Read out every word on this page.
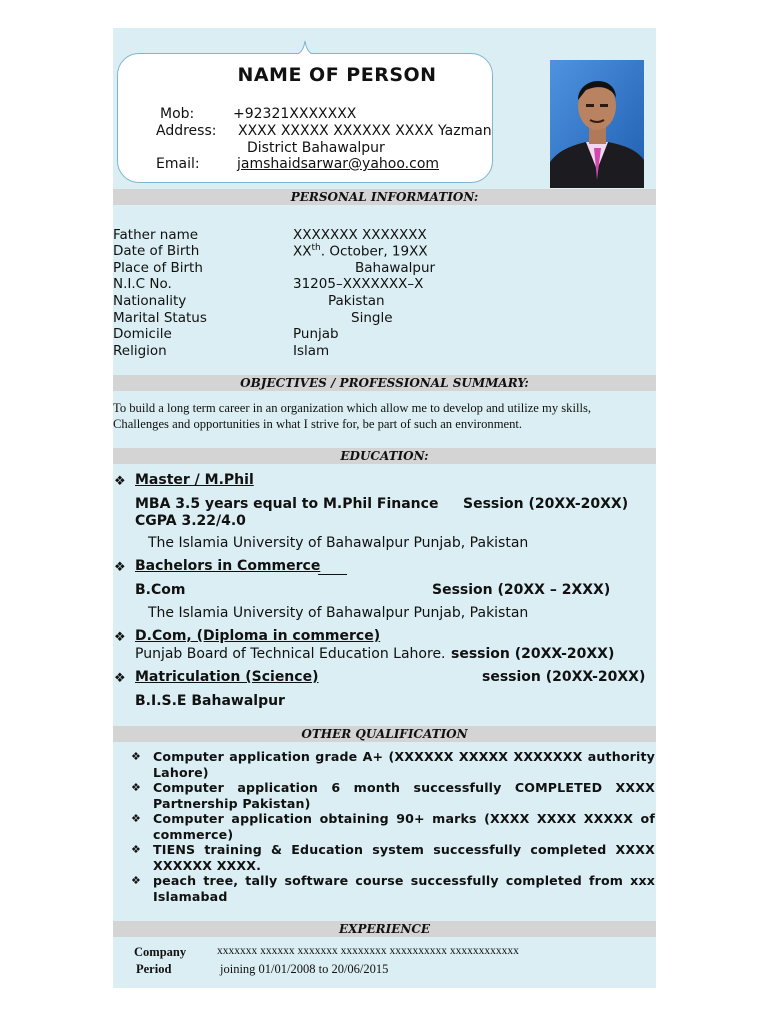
NAME OF PERSON
Mob:	+92321XXXXXXX
Address: XXXX XXXXX XXXXXX XXXX Yazman
District Bahawalpur
Email:	jamshaidsarwar@yahoo.com
PERSONAL INFORMATION:
OBJECTIVES / PROFESSIONAL SUMMARY:
EDUCATION:
OTHER QUALIFICATION
EXPERIENCE
Father name	XXXXXXX XXXXXXX
Date of Birth	XXth. October, 19XX
Place of Birth	Bahawalpur
N.I.C No.	31205–XXXXXXX–X
Nationality	Pakistan
Marital Status	Single
Domicile	Punjab
Religion	Islam
To build a long term career in an organization which allow me to develop and utilize my skills,
Challenges and opportunities in what I strive for, be part of such an environment.
❖ Master / M.Phil
MBA 3.5 years equal to M.Phil Finance Session (20XX-20XX)
CGPA 3.22/4.0
The Islamia University of Bahawalpur Punjab, Pakistan
❖ Bachelors in Commerce
B.Com	Session (20XX – 2XXX)
The Islamia University of Bahawalpur Punjab, Pakistan
❖ D.Com, (Diploma in commerce)
Punjab Board of Technical Education Lahore. session (20XX-20XX)
❖ Matriculation (Science)	session (20XX-20XX)
B.I.S.E Bahawalpur
❖ Computer application grade A+ (XXXXXX XXXXX XXXXXXX authority
Lahore)
❖ Computer application 6 month successfully COMPLETED XXXX
Partnership Pakistan)
❖ Computer application obtaining 90+ marks (XXXX XXXX XXXXX of
commerce)
❖ TIENS training & Education system successfully completed XXXX
XXXXXX XXXX.
❖ peach tree, tally software course successfully completed from xxx
Islamabad
Company	xxxxxxx xxxxxx xxxxxxx xxxxxxxx xxxxxxxxxx xxxxxxxxxxxx
Period	joining 01/01/2008 to 20/06/2015
